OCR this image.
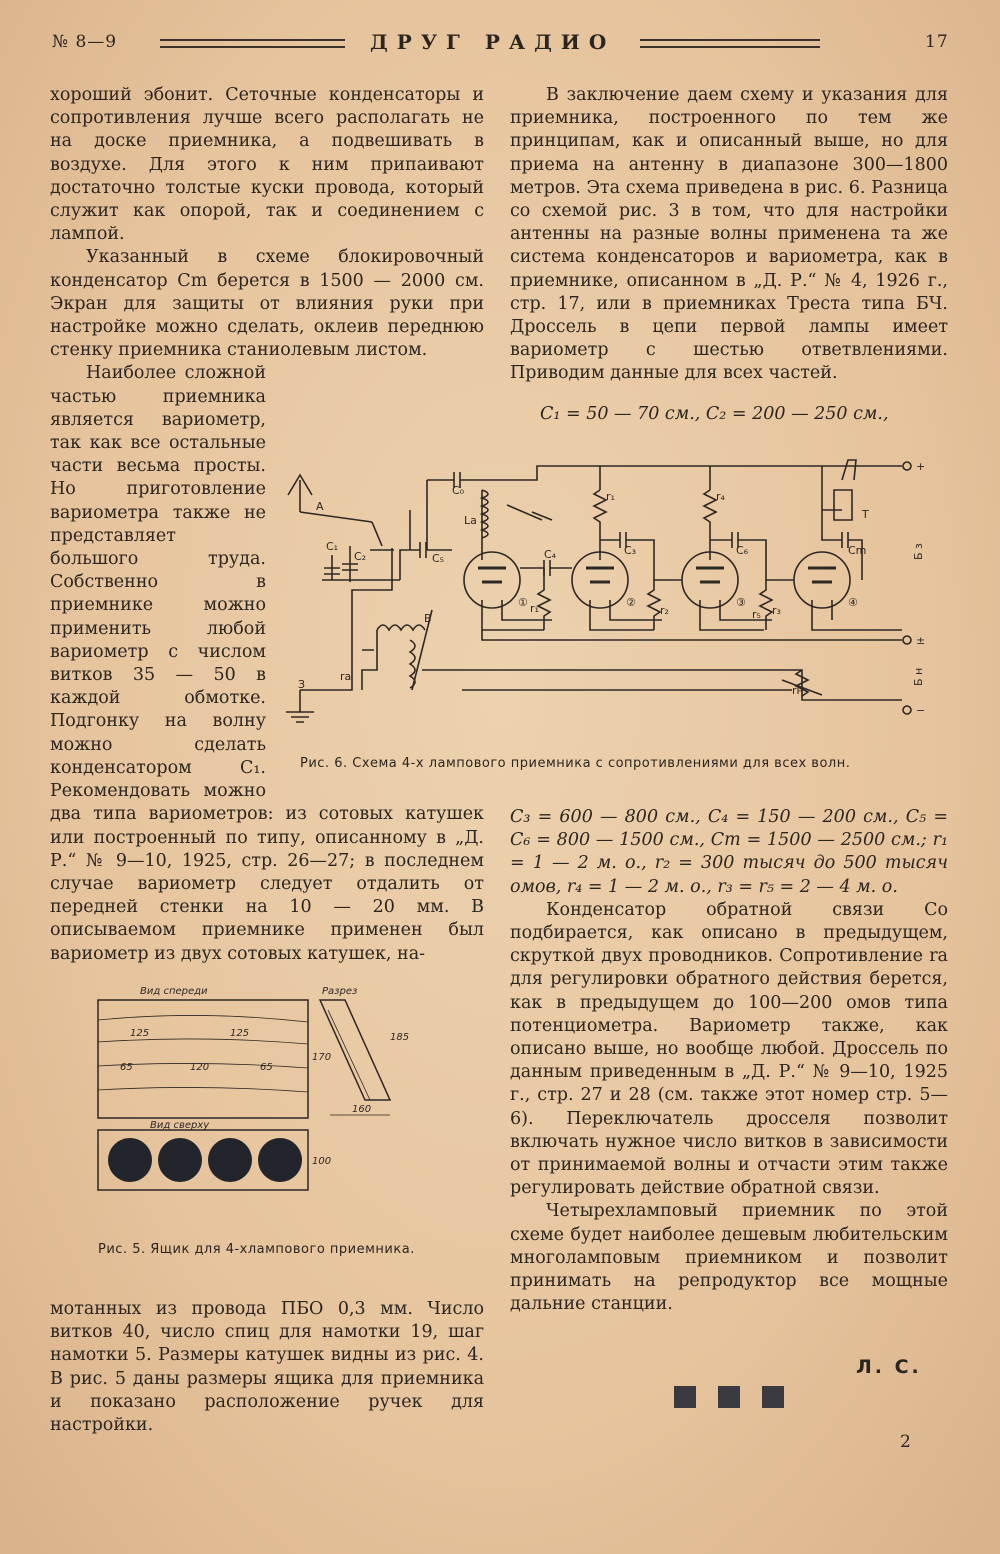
№ 8—9	ДРУГ РАДИО	17

хороший эбонит. Сеточные конденсаторы и сопротивления лучше всего располагать не на доске приемника, а подвешивать в воздухе. Для этого к ним припаивают достаточно толстые куски провода, который служит как опорой, так и соединением с лампой.

Указанный в схеме блокировочный конденсатор Cm берется в 1500 — 2000 см. Экран для защиты от влияния руки при настройке можно сделать, оклеив переднюю стенку приемника станиолевым листом.

Наиболее сложной частью приемника является вариометр, так как все остальные части весьма просты. Но приготовление вариометра также не представляет большого труда. Собственно в приемнике можно применить любой вариометр с числом витков 35 — 50 в каждой обмотке. Подгонку на волну можно сделать конденсатором C₁. Рекомендовать можно два типа вариометров: из сотовых катушек или построенный по типу, описанному в „Д. Р.“ № 9—10, 1925, стр. 26—27; в последнем случае вариометр следует отдалить от передней стенки на 10 — 20 мм. В описываемом приемнике применен был вариометр из двух сотовых катушек, на-

В заключение даем схему и указания для приемника, построенного по тем же принципам, как и описанный выше, но для приема на антенну в диапазоне 300—1800 метров. Эта схема приведена в рис. 6. Разница со схемой рис. 3 в том, что для настройки антенны на разные волны применена та же система конденсаторов и вариометра, как в приемнике, описанном в „Д. Р.“ № 4, 1926 г., стр. 17, или в приемниках Треста типа БЧ. Дроссель в цепи первой лампы имеет вариометр с шестью ответвлениями. Приводим данные для всех частей.

C₁ = 50 — 70 см., C₂ = 200 — 250 см.,
А
З
Lа
В
rа
rн
Т
C₀
C₁
C₂	C₃
C₄
C₅
C₆	Cm
r₁
r₁	r₂	r₃
r₄
r₅
①	②	③	④
+
±
−
Б з
Б н
Рис. 6. Схема 4-х лампового приемника с сопротивлениями для всех волн.

C₃ = 600 — 800 см., C₄ = 150 — 200 см., C₅ = C₆ = 800 — 1500 см., Cm = 1500 — 2500 см.; r₁ = 1 — 2 м. о., r₂ = 300 тысяч до 500 тысяч омов, r₄ = 1 — 2 м. о., r₃ = r₅ = 2 — 4 м. о.

Конденсатор обратной связи Co подбирается, как описано в предыдущем, скруткой двух проводников. Сопротивление ra для регулировки обратного действия берется, как в предыдущем до 100—200 омов типа потенциометра. Вариометр также, как описано выше, но вообще любой. Дроссель по данным приведенным в „Д. Р.“ № 9—10, 1925 г., стр. 27 и 28 (см. также этот номер стр. 5—6). Переключатель дросселя позволит включать нужное число витков в зависимости от принимаемой волны и отчасти этим также регулировать действие обратной связи.

Четырехламповый приемник по этой схеме будет наиболее дешевым любительским многоламповым приемником и позволит принимать на репродуктор все мощные дальние станции.

Л. С.
Вид спереди	Разрез
Вид сверху
125	125
65	120	65
170
185
160
100
Рис. 5. Ящик для 4-хлампового приемника.

мотанных из провода ПБО 0,3 мм. Число витков 40, число спиц для намотки 19, шаг намотки 5. Размеры катушек видны из рис. 4. В рис. 5 даны размеры ящика для приемника и показано расположение ручек для настройки.

2
